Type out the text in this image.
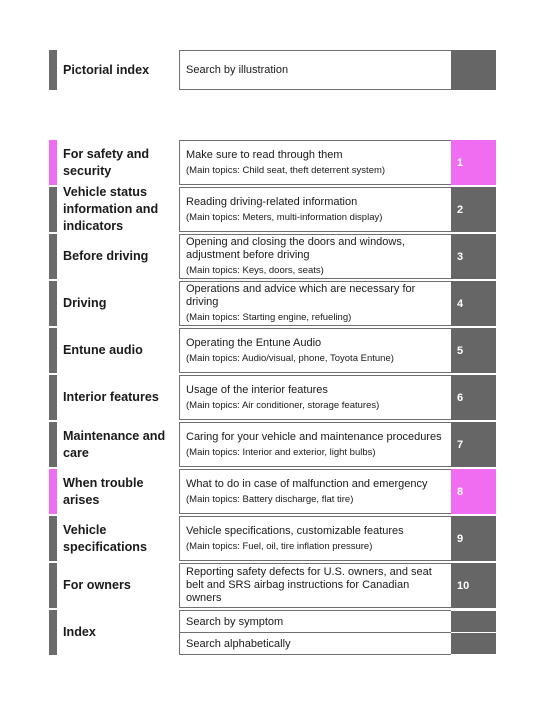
Pictorial index	Search by illustration
For safety and security
Make sure to read through them
(Main topics: Child seat, theft deterrent system)
1
Vehicle status information and indicators
Reading driving-related information
(Main topics: Meters, multi-information display)
2
Before driving
Opening and closing the doors and windows, adjustment before driving
(Main topics: Keys, doors, seats)
3
Driving
Operations and advice which are necessary for driving
(Main topics: Starting engine, refueling)
4
Entune audio
Operating the Entune Audio
(Main topics: Audio/visual, phone, Toyota Entune)
5
Interior features
Usage of the interior features
(Main topics: Air conditioner, storage features)
6
Maintenance and care
Caring for your vehicle and maintenance procedures
(Main topics: Interior and exterior, light bulbs)
7
When trouble arises
What to do in case of malfunction and emergency
(Main topics: Battery discharge, flat tire)
8
Vehicle specifications
Vehicle specifications, customizable features
(Main topics: Fuel, oil, tire inflation pressure)
9
For owners
Reporting safety defects for U.S. owners, and seat belt and SRS airbag instructions for Canadian owners
10
Index
Search by symptom
Search alphabetically
